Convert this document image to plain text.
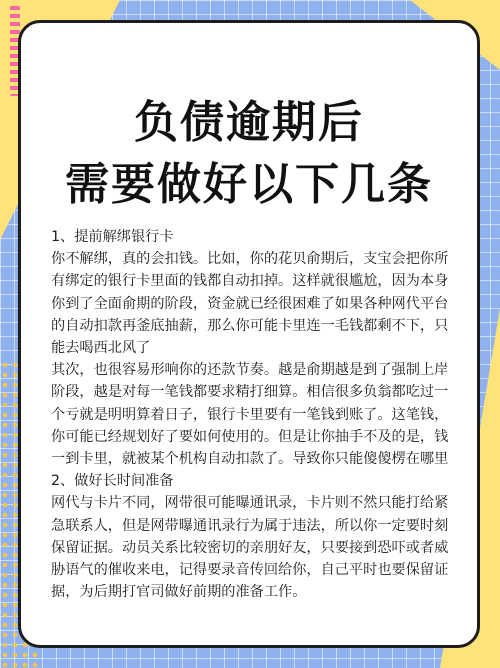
负债逾期后
需要做好以下几条

1、提前解绑银行卡

你不解绑，真的会扣钱。比如，你的花贝俞期后，支宝会把你所有绑定的银行卡里面的钱都自动扣掉。这样就很尴尬，因为本身你到了全面俞期的阶段，资金就已经很困难了如果各种网代平台的自动扣款再釜底抽薪，那么你可能卡里连一毛钱都剩不下，只能去喝西北风了

其次，也很容易形响你的还款节奏。越是俞期越是到了强制上岸阶段，越是对每一笔钱都要求精打细算。相信很多负翁都吃过一个亏就是明明算着日子，银行卡里要有一笔钱到账了。这笔钱，你可能已经规划好了要如何使用的。但是让你抽手不及的是，钱一到卡里，就被某个机构自动扣款了。导致你只能傻傻楞在哪里

2、做好长时间准备

网代与卡片不同，网带很可能曝通讯录，卡片则不然只能打给紧急联系人，但是网带曝通讯录行为属于违法，所以你一定要时刻保留证据。动员关系比较密切的亲朋好友，只要接到恐吓或者威胁语气的催收来电，记得要录音传回给你，自己平时也要保留证据，为后期打官司做好前期的准备工作。
